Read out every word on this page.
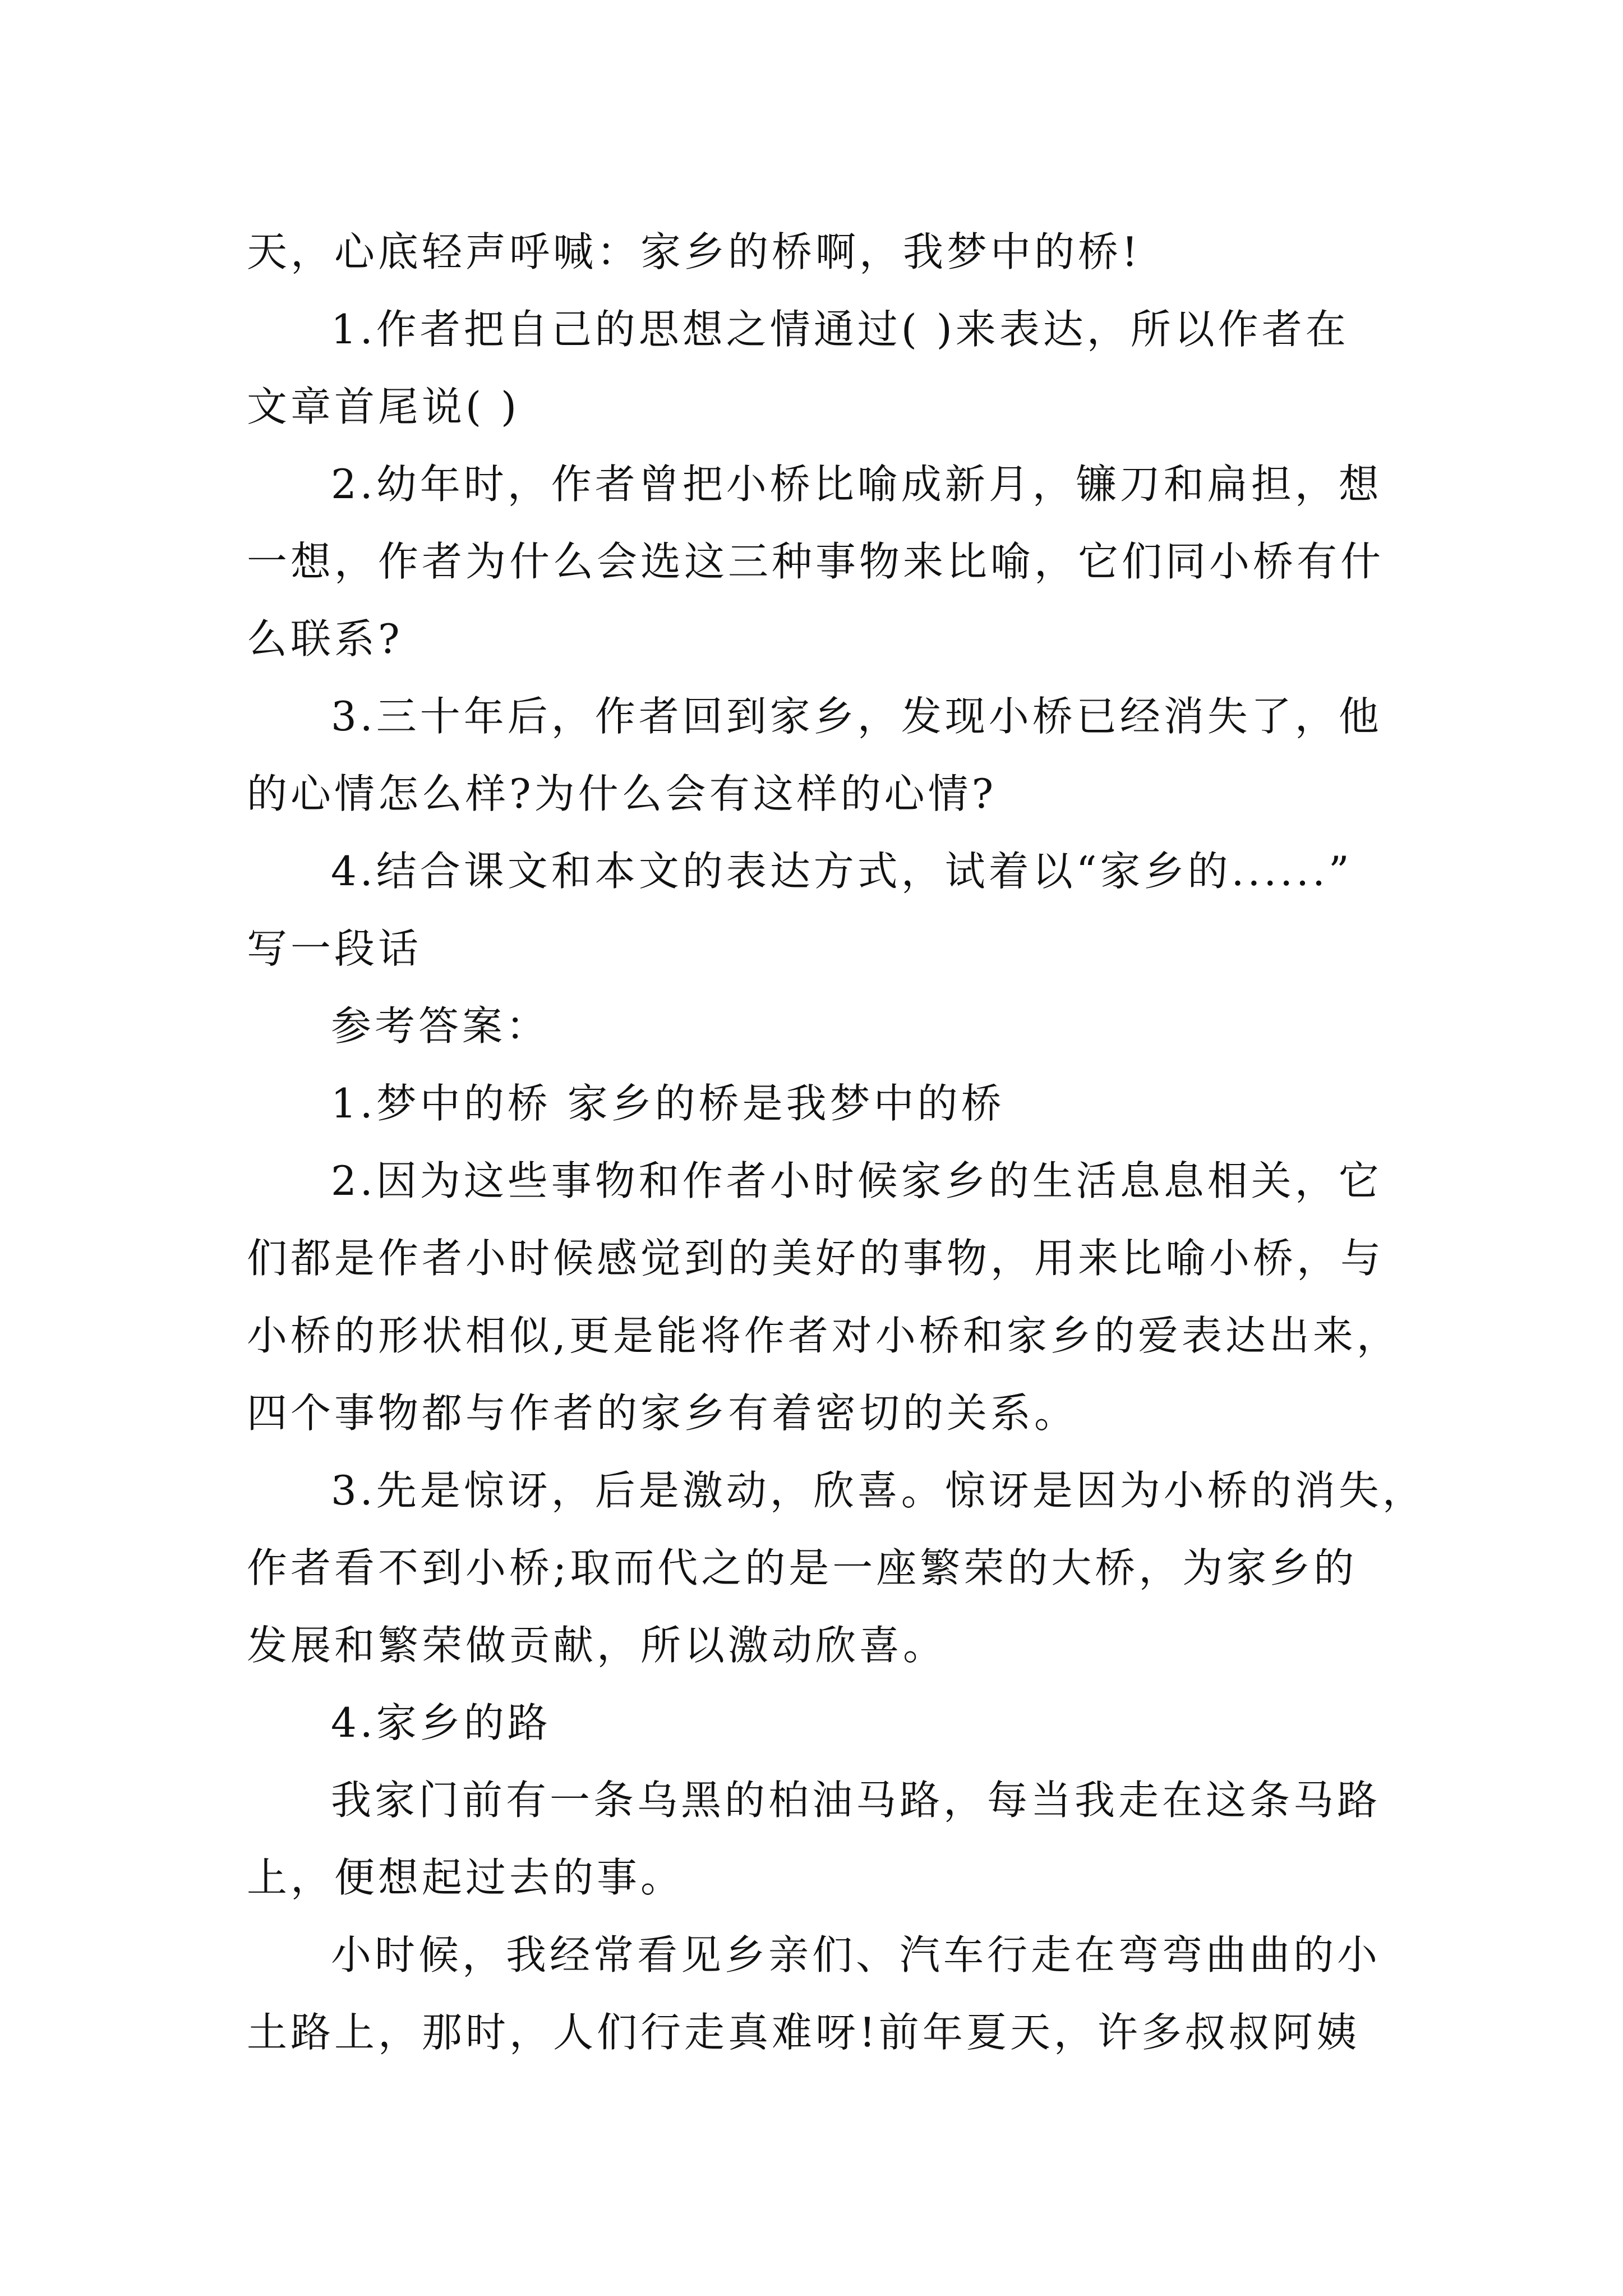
天，心底轻声呼喊：家乡的桥啊，我梦中的桥!
1.作者把自己的思想之情通过( )来表达，所以作者在
文章首尾说( )
2.幼年时，作者曾把小桥比喻成新月，镰刀和扁担，想
一想，作者为什么会选这三种事物来比喻，它们同小桥有什
么联系?
3.三十年后，作者回到家乡，发现小桥已经消失了，他
的心情怎么样?为什么会有这样的心情?
4.结合课文和本文的表达方式，试着以“家乡的......”
写一段话
参考答案：
1.梦中的桥 家乡的桥是我梦中的桥
2.因为这些事物和作者小时候家乡的生活息息相关，它
们都是作者小时候感觉到的美好的事物，用来比喻小桥，与
小桥的形状相似,更是能将作者对小桥和家乡的爱表达出来，
四个事物都与作者的家乡有着密切的关系。
3.先是惊讶，后是激动，欣喜。惊讶是因为小桥的消失，
作者看不到小桥;取而代之的是一座繁荣的大桥，为家乡的
发展和繁荣做贡献，所以激动欣喜。
4.家乡的路
我家门前有一条乌黑的柏油马路，每当我走在这条马路
上，便想起过去的事。
小时候，我经常看见乡亲们、汽车行走在弯弯曲曲的小
土路上，那时，人们行走真难呀!前年夏天，许多叔叔阿姨
